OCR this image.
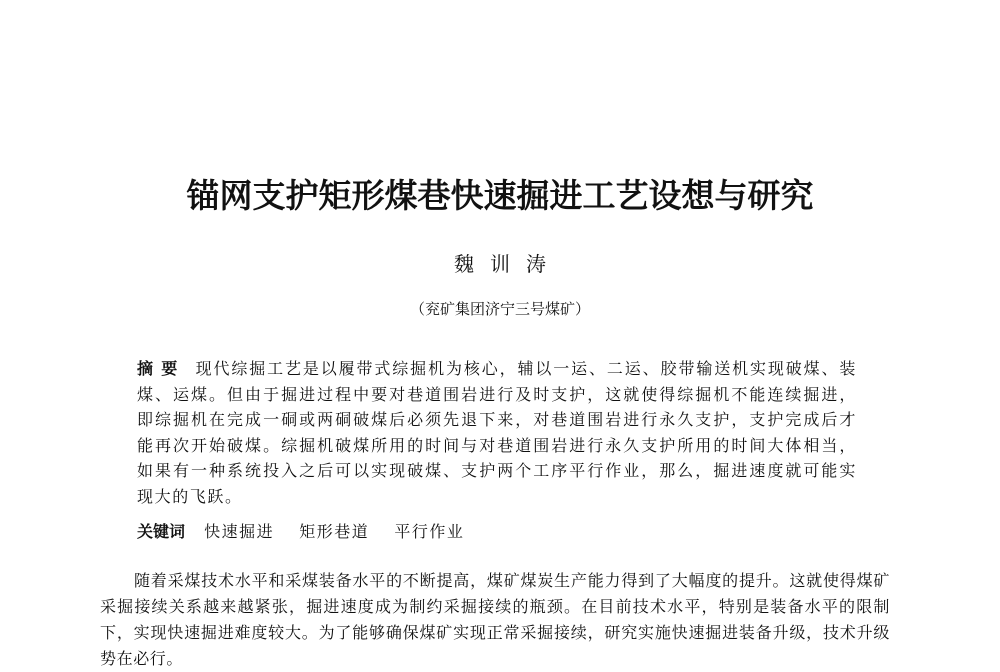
锚网支护矩形煤巷快速掘进工艺设想与研究
魏训涛
（兖矿集团济宁三号煤矿）

摘要 现代综掘工艺是以履带式综掘机为核心，辅以一运、二运、胶带输送机实现破煤、装煤、运煤。但由于掘进过程中要对巷道围岩进行及时支护，这就使得综掘机不能连续掘进，即综掘机在完成一硐或两硐破煤后必须先退下来，对巷道围岩进行永久支护，支护完成后才能再次开始破煤。综掘机破煤所用的时间与对巷道围岩进行永久支护所用的时间大体相当，如果有一种系统投入之后可以实现破煤、支护两个工序平行作业，那么，掘进速度就可能实现大的飞跃。

关键词 快速掘进 矩形巷道 平行作业

随着采煤技术水平和采煤装备水平的不断提高，煤矿煤炭生产能力得到了大幅度的提升。这就使得煤矿采掘接续关系越来越紧张，掘进速度成为制约采掘接续的瓶颈。在目前技术水平，特别是装备水平的限制下，实现快速掘进难度较大。为了能够确保煤矿实现正常采掘接续，研究实施快速掘进装备升级，技术升级势在必行。
